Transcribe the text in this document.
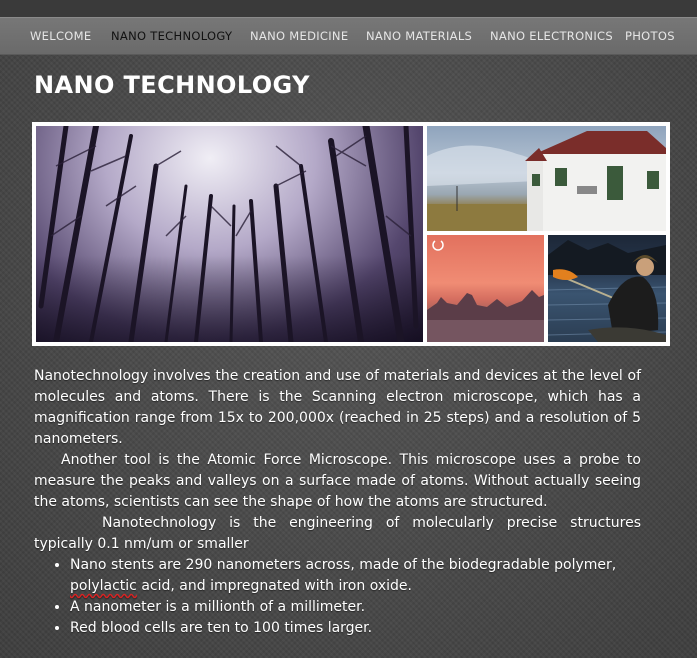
WELCOME NANO TECHNOLOGY NANO MEDICINE NANO MATERIALS NANO ELECTRONICS PHOTOS
NANO TECHNOLOGY

Nanotechnology involves the creation and use of materials and devices at the level of molecules and atoms. There is the Scanning electron microscope, which has a magnification range from 15x to 200,000x (reached in 25 steps) and a resolution of 5 nanometers.

Another tool is the Atomic Force Microscope. This microscope uses a probe to measure the peaks and valleys on a surface made of atoms. Without actually seeing the atoms, scientists can see the shape of how the atoms are structured.

Nanotechnology is the engineering of molecularly precise structures typically 0.1 nm/um or smaller

• Nano stents are 290 nanometers across, made of the biodegradable polymer, polylactic acid, and impregnated with iron oxide.
• A nanometer is a millionth of a millimeter.
• Red blood cells are ten to 100 times larger.
